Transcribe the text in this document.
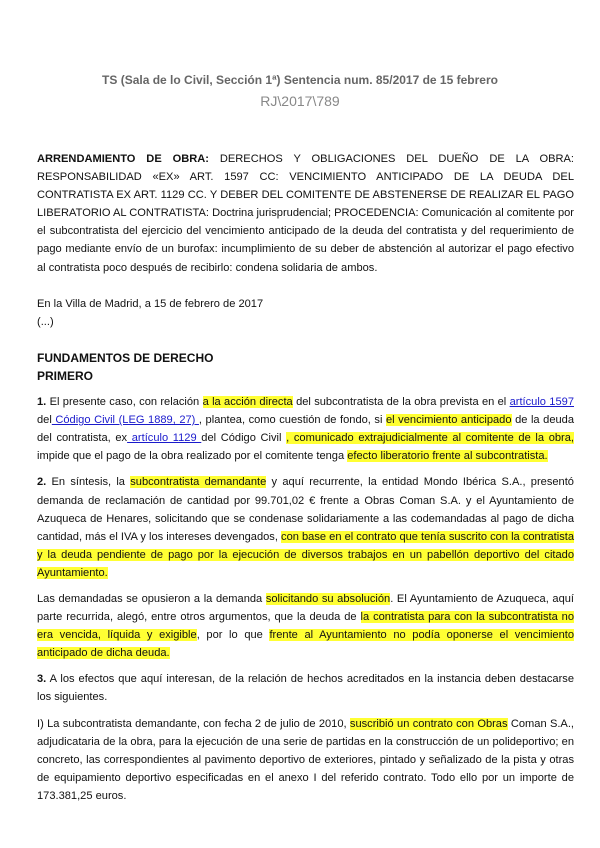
TS (Sala de lo Civil, Sección 1ª) Sentencia num. 85/2017 de 15 febrero
RJ\2017\789

ARRENDAMIENTO DE OBRA: DERECHOS Y OBLIGACIONES DEL DUEÑO DE LA OBRA: RESPONSABILIDAD «EX» ART. 1597 CC: VENCIMIENTO ANTICIPADO DE LA DEUDA DEL CONTRATISTA EX ART. 1129 CC. Y DEBER DEL COMITENTE DE ABSTENERSE DE REALIZAR EL PAGO LIBERATORIO AL CONTRATISTA: Doctrina jurisprudencial; PROCEDENCIA: Comunicación al comitente por el subcontratista del ejercicio del vencimiento anticipado de la deuda del contratista y del requerimiento de pago mediante envío de un burofax: incumplimiento de su deber de abstención al autorizar el pago efectivo al contratista poco después de recibirlo: condena solidaria de ambos.

En la Villa de Madrid, a 15 de febrero de 2017

(...)

FUNDAMENTOS DE DERECHO

PRIMERO

1. El presente caso, con relación a la acción directa del subcontratista de la obra prevista en el artículo 1597 del Código Civil (LEG 1889, 27) , plantea, como cuestión de fondo, si el vencimiento anticipado de la deuda del contratista, ex artículo 1129 del Código Civil , comunicado extrajudicialmente al comitente de la obra, impide que el pago de la obra realizado por el comitente tenga efecto liberatorio frente al subcontratista.

2. En síntesis, la subcontratista demandante y aquí recurrente, la entidad Mondo Ibérica S.A., presentó demanda de reclamación de cantidad por 99.701,02 € frente a Obras Coman S.A. y el Ayuntamiento de Azuqueca de Henares, solicitando que se condenase solidariamente a las codemandadas al pago de dicha cantidad, más el IVA y los intereses devengados, con base en el contrato que tenía suscrito con la contratista y la deuda pendiente de pago por la ejecución de diversos trabajos en un pabellón deportivo del citado Ayuntamiento.

Las demandadas se opusieron a la demanda solicitando su absolución. El Ayuntamiento de Azuqueca, aquí parte recurrida, alegó, entre otros argumentos, que la deuda de la contratista para con la subcontratista no era vencida, líquida y exigible, por lo que frente al Ayuntamiento no podía oponerse el vencimiento anticipado de dicha deuda.

3. A los efectos que aquí interesan, de la relación de hechos acreditados en la instancia deben destacarse los siguientes.

I) La subcontratista demandante, con fecha 2 de julio de 2010, suscribió un contrato con Obras Coman S.A., adjudicataria de la obra, para la ejecución de una serie de partidas en la construcción de un polideportivo; en concreto, las correspondientes al pavimento deportivo de exteriores, pintado y señalizado de la pista y otras de equipamiento deportivo especificadas en el anexo I del referido contrato. Todo ello por un importe de 173.381,25 euros.
